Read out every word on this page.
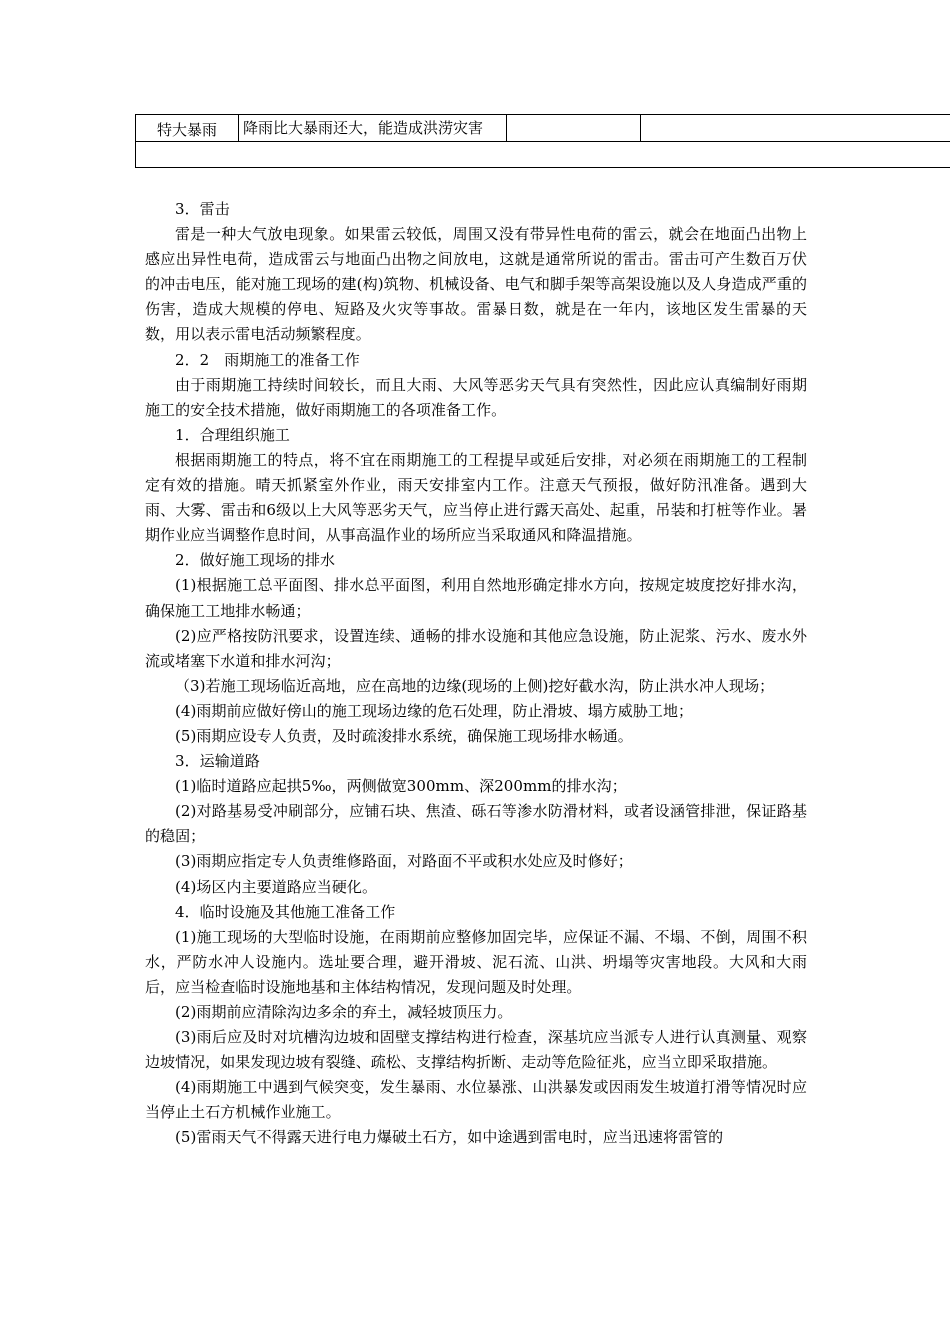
特大暴雨	降雨比大暴雨还大，能造成洪涝灾害		

3．雷击

雷是一种大气放电现象。如果雷云较低，周围又没有带异性电荷的雷云，就会在地面凸出物上感应出异性电荷，造成雷云与地面凸出物之间放电，这就是通常所说的雷击。雷击可产生数百万伏的冲击电压，能对施工现场的建(构)筑物、机械设备、电气和脚手架等高架设施以及人身造成严重的伤害，造成大规模的停电、短路及火灾等事故。雷暴日数，就是在一年内，该地区发生雷暴的天数，用以表示雷电活动频繁程度。

2．2　雨期施工的准备工作

由于雨期施工持续时间较长，而且大雨、大风等恶劣天气具有突然性，因此应认真编制好雨期施工的安全技术措施，做好雨期施工的各项准备工作。

1．合理组织施工

根据雨期施工的特点，将不宜在雨期施工的工程提早或延后安排，对必须在雨期施工的工程制定有效的措施。晴天抓紧室外作业，雨天安排室内工作。注意天气预报，做好防汛准备。遇到大雨、大雾、雷击和6级以上大风等恶劣天气，应当停止进行露天高处、起重，吊装和打桩等作业。暑期作业应当调整作息时间，从事高温作业的场所应当采取通风和降温措施。

2．做好施工现场的排水

(1)根据施工总平面图、排水总平面图，利用自然地形确定排水方向，按规定坡度挖好排水沟，确保施工工地排水畅通；

(2)应严格按防汛要求，设置连续、通畅的排水设施和其他应急设施，防止泥浆、污水、废水外流或堵塞下水道和排水河沟；

（3)若施工现场临近高地，应在高地的边缘(现场的上侧)挖好截水沟，防止洪水冲人现场；

(4)雨期前应做好傍山的施工现场边缘的危石处理，防止滑坡、塌方威胁工地；

(5)雨期应设专人负责，及时疏浚排水系统，确保施工现场排水畅通。

3．运输道路

(1)临时道路应起拱5‰，两侧做宽300mm、深200mm的排水沟；

(2)对路基易受冲刷部分，应铺石块、焦渣、砾石等渗水防滑材料，或者设涵管排泄，保证路基的稳固；

(3)雨期应指定专人负责维修路面，对路面不平或积水处应及时修好；

(4)场区内主要道路应当硬化。

4．临时设施及其他施工准备工作

(1)施工现场的大型临时设施，在雨期前应整修加固完毕，应保证不漏、不塌、不倒，周围不积水，严防水冲人设施内。选址要合理，避开滑坡、泥石流、山洪、坍塌等灾害地段。大风和大雨后，应当检查临时设施地基和主体结构情况，发现问题及时处理。

(2)雨期前应清除沟边多余的弃土，减轻坡顶压力。

(3)雨后应及时对坑槽沟边坡和固壁支撑结构进行检查，深基坑应当派专人进行认真测量、观察边坡情况，如果发现边坡有裂缝、疏松、支撑结构折断、走动等危险征兆，应当立即采取措施。

(4)雨期施工中遇到气候突变，发生暴雨、水位暴涨、山洪暴发或因雨发生坡道打滑等情况时应当停止土石方机械作业施工。

(5)雷雨天气不得露天进行电力爆破土石方，如中途遇到雷电时，应当迅速将雷管的
